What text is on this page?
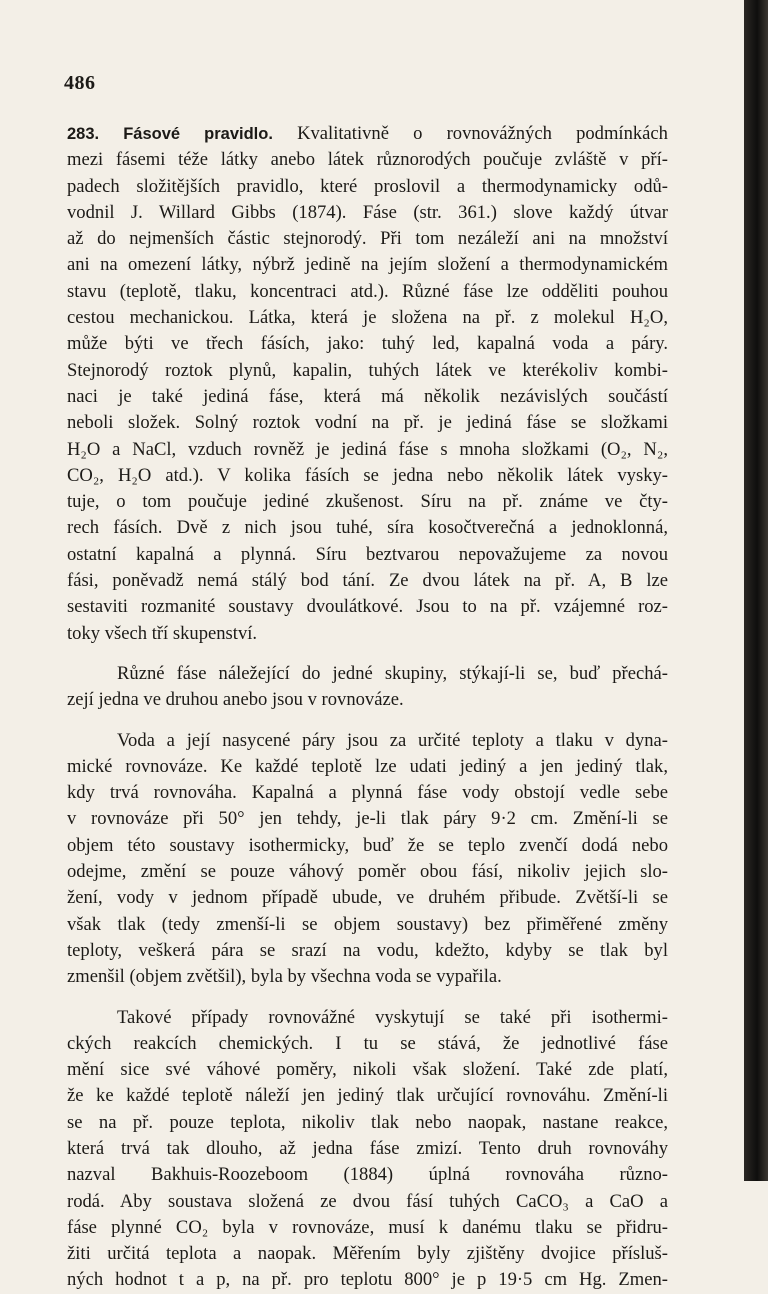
486
283. Fásové pravidlo. Kvalitativně o rovnovážných podmínkách
mezi fásemi téže látky anebo látek různorodých poučuje zvláště v pří-
padech složitějších pravidlo, které proslovil a thermodynamicky odů-
vodnil J. Willard Gibbs (1874). Fáse (str. 361.) slove každý útvar
až do nejmenších částic stejnorodý. Při tom nezáleží ani na množství
ani na omezení látky, nýbrž jedině na jejím složení a thermodynamickém
stavu (teplotě, tlaku, koncentraci atd.). Různé fáse lze odděliti pouhou
cestou mechanickou. Látka, která je složena na př. z molekul H₂O,
může býti ve třech fásích, jako: tuhý led, kapalná voda a páry.
Stejnorodý roztok plynů, kapalin, tuhých látek ve kterékoliv kombi-
naci je také jediná fáse, která má několik nezávislých součástí
neboli složek. Solný roztok vodní na př. je jediná fáse se složkami
H₂O a NaCl, vzduch rovněž je jediná fáse s mnoha složkami (O₂, N₂,
CO₂, H₂O atd.). V kolika fásích se jedna nebo několik látek vysky-
tuje, o tom poučuje jediné zkušenost. Síru na př. známe ve čty-
rech fásích. Dvě z nich jsou tuhé, síra kosočtverečná a jednoklonná,
ostatní kapalná a plynná. Síru beztvarou nepovažujeme za novou
fási, poněvadž nemá stálý bod tání. Ze dvou látek na př. A, B lze
sestaviti rozmanité soustavy dvoulátkové. Jsou to na př. vzájemné roz-
toky všech tří skupenství.
Různé fáse náležející do jedné skupiny, stýkají-li se, buď přechá-
zejí jedna ve druhou anebo jsou v rovnováze.
Voda a její nasycené páry jsou za určité teploty a tlaku v dyna-
mické rovnováze. Ke každé teplotě lze udati jediný a jen jediný tlak,
kdy trvá rovnováha. Kapalná a plynná fáse vody obstojí vedle sebe
v rovnováze při 50° jen tehdy, je-li tlak páry 9·2 cm. Změní-li se
objem této soustavy isothermicky, buď že se teplo zvenčí dodá nebo
odejme, změní se pouze váhový poměr obou fásí, nikoliv jejich slo-
žení, vody v jednom případě ubude, ve druhém přibude. Zvětší-li se
však tlak (tedy zmenší-li se objem soustavy) bez přiměřené změny
teploty, veškerá pára se srazí na vodu, kdežto, kdyby se tlak byl
zmenšil (objem zvětšil), byla by všechna voda se vypařila.
Takové případy rovnovážné vyskytují se také při isothermi-
ckých reakcích chemických. I tu se stává, že jednotlivé fáse
mění sice své váhové poměry, nikoli však složení. Také zde platí,
že ke každé teplotě náleží jen jediný tlak určující rovnováhu. Změní-li
se na př. pouze teplota, nikoliv tlak nebo naopak, nastane reakce,
která trvá tak dlouho, až jedna fáse zmizí. Tento druh rovnováhy
nazval Bakhuis-Roozeboom (1884) úplná rovnováha různo-
rodá. Aby soustava složená ze dvou fásí tuhých CaCO₃ a CaO a
fáse plynné CO₂ byla v rovnováze, musí k danému tlaku se přidru-
žiti určitá teplota a naopak. Měřením byly zjištěny dvojice přísluš-
ných hodnot t a p, na př. pro teplotu 800° je p 19·5 cm Hg. Zmen-
